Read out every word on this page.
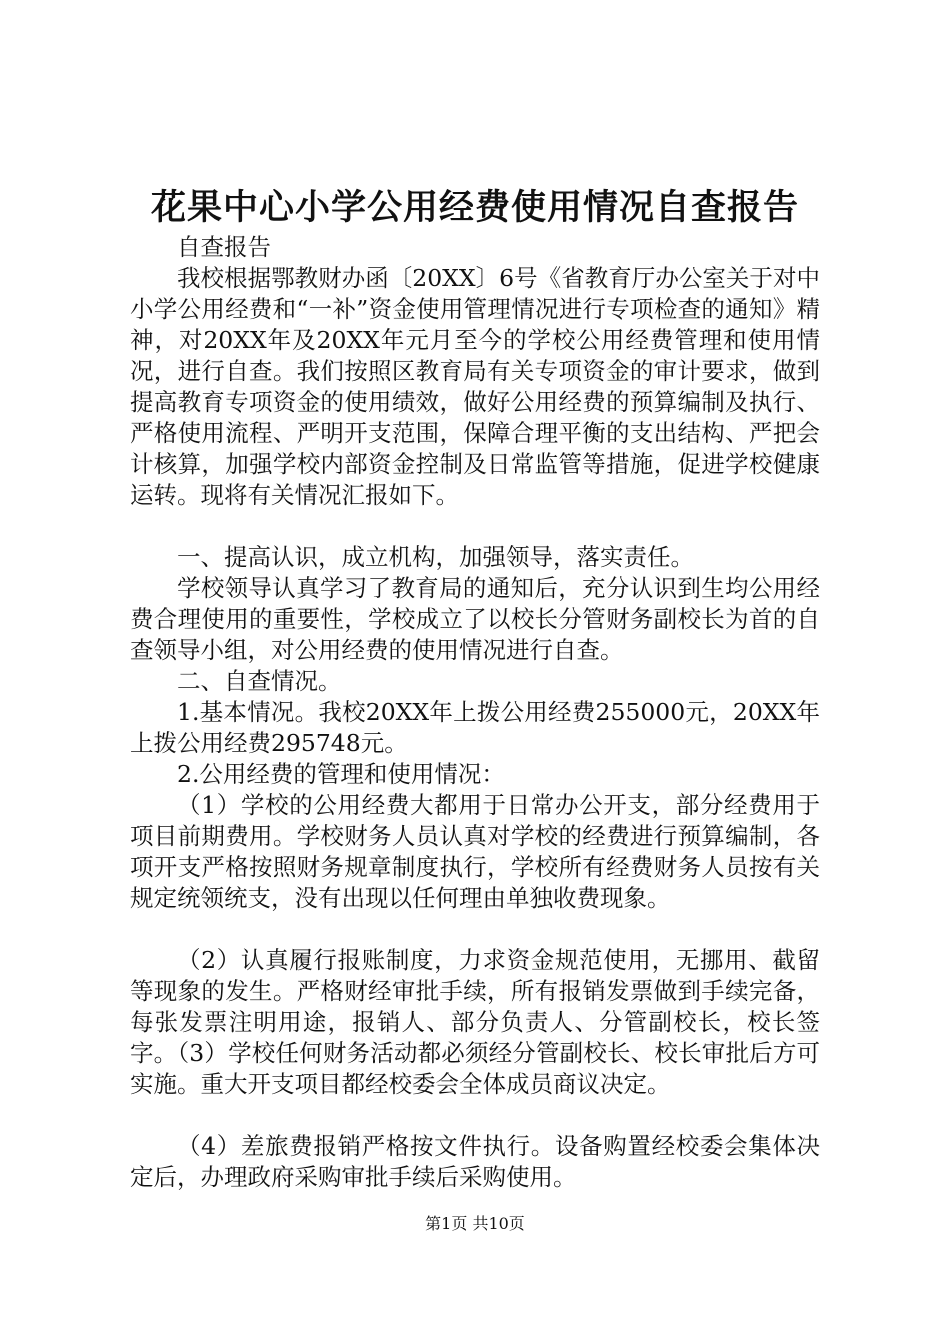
花果中心小学公用经费使用情况自查报告

自查报告

我校根据鄂教财办函〔20XX〕6号《省教育厅办公室关于对中小学公用经费和“一补”资金使用管理情况进行专项检查的通知》精神，对20XX年及20XX年元月至今的学校公用经费管理和使用情况，进行自查。我们按照区教育局有关专项资金的审计要求，做到提高教育专项资金的使用绩效，做好公用经费的预算编制及执行、严格使用流程、严明开支范围，保障合理平衡的支出结构、严把会计核算，加强学校内部资金控制及日常监管等措施，促进学校健康运转。现将有关情况汇报如下。

一、提高认识，成立机构，加强领导，落实责任。

学校领导认真学习了教育局的通知后，充分认识到生均公用经费合理使用的重要性，学校成立了以校长分管财务副校长为首的自查领导小组，对公用经费的使用情况进行自查。

二、自查情况。

1.基本情况。我校20XX年上拨公用经费255000元，20XX年上拨公用经费295748元。

2.公用经费的管理和使用情况：

（1）学校的公用经费大都用于日常办公开支，部分经费用于项目前期费用。学校财务人员认真对学校的经费进行预算编制，各项开支严格按照财务规章制度执行，学校所有经费财务人员按有关规定统领统支，没有出现以任何理由单独收费现象。

（2）认真履行报账制度，力求资金规范使用，无挪用、截留等现象的发生。严格财经审批手续，所有报销发票做到手续完备，每张发票注明用途，报销人、部分负责人、分管副校长，校长签字。（3）学校任何财务活动都必须经分管副校长、校长审批后方可实施。重大开支项目都经校委会全体成员商议决定。

（4）差旅费报销严格按文件执行。设备购置经校委会集体决定后，办理政府采购审批手续后采购使用。

第1页 共10页
